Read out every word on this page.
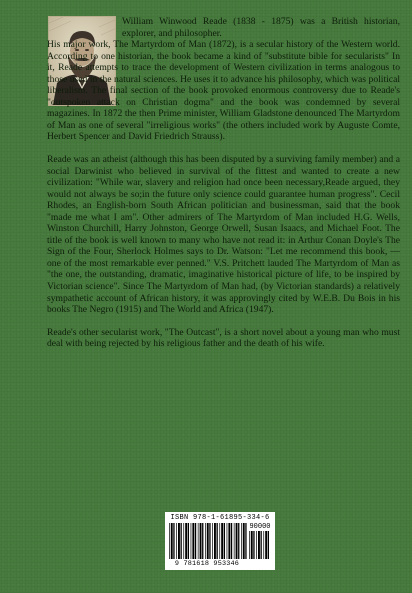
William Winwood Reade (1838 - 1875) was a British historian, explorer, and philosopher.

His major work, The Martyrdom of Man (1872), is a secular history of the Western world. According to one historian, the book became a kind of "substitute bible for secularists" In it, Reade attempts to trace the development of Western civilization in terms analogous to those used in the natural sciences. He uses it to advance his philosophy, which was political liberalism. The final section of the book provoked enormous controversy due to Reade's "outspoken attack on Christian dogma" and the book was condemned by several magazines. In 1872 the then Prime minister, William Gladstone denounced The Martyrdom of Man as one of several "irreligious works" (the others included work by Auguste Comte, Herbert Spencer and David Friedrich Strauss).

Reade was an atheist (although this has been disputed by a surviving family member) and a social Darwinist who believed in survival of the fittest and wanted to create a new civilization: "While war, slavery and religion had once been necessary,Reade argued, they would not always be so;in the future only science could guarantee human progress". Cecil Rhodes, an English-born South African politician and businessman, said that the book "made me what I am". Other admirers of The Martyrdom of Man included H.G. Wells, Winston Churchill, Harry Johnston, George Orwell, Susan Isaacs, and Michael Foot. The title of the book is well known to many who have not read it: in Arthur Conan Doyle's The Sign of the Four, Sherlock Holmes says to Dr. Watson: "Let me recommend this book, — one of the most remarkable ever penned." V.S. Pritchett lauded The Martyrdom of Man as "the one, the outstanding, dramatic, imaginative historical picture of life, to be inspired by Victorian science". Since The Martyrdom of Man had, (by Victorian standards) a relatively sympathetic account of African history, it was approvingly cited by W.E.B. Du Bois in his books The Negro (1915) and The World and Africa (1947).

Reade's other secularist work, "The Outcast", is a short novel about a young man who must deal with being rejected by his religious father and the death of his wife.

ISBN 978-1-61895-334-6
90000
9 781618 953346
